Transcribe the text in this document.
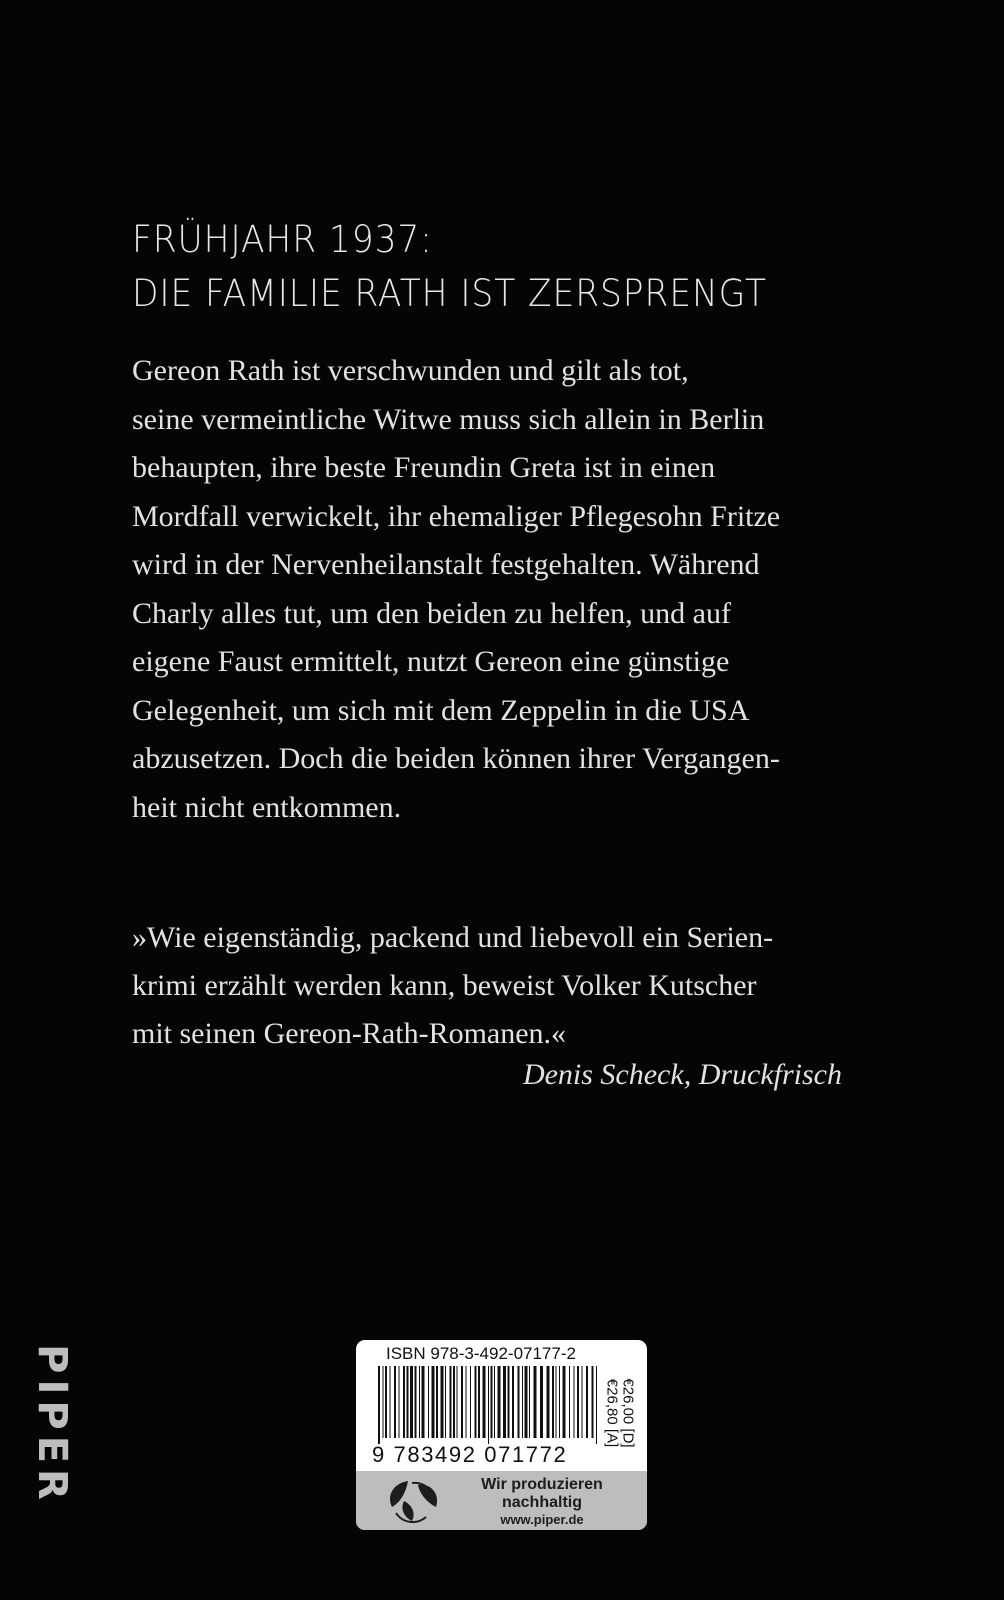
FRÜHJAHR 1937:
DIE FAMILIE RATH IST ZERSPRENGT
Gereon Rath ist verschwunden und gilt als tot,
seine vermeintliche Witwe muss sich allein in Berlin
behaupten, ihre beste Freundin Greta ist in einen
Mordfall verwickelt, ihr ehemaliger Pflegesohn Fritze
wird in der Nervenheilanstalt festgehalten. Während
Charly alles tut, um den beiden zu helfen, und auf
eigene Faust ermittelt, nutzt Gereon eine günstige
Gelegenheit, um sich mit dem Zeppelin in die USA
abzusetzen. Doch die beiden können ihrer Vergangen-
heit nicht entkommen.
»Wie eigenständig, packend und liebevoll ein Serien-
krimi erzählt werden kann, beweist Volker Kutscher
mit seinen Gereon-Rath-Romanen.«
Denis Scheck, Druckfrisch
PIPER	ISBN 978-3-492-07177-2
9 783492 071772
€26,00 [D]
€26,80 [A]
Wir produzieren
nachhaltig
www.piper.de
